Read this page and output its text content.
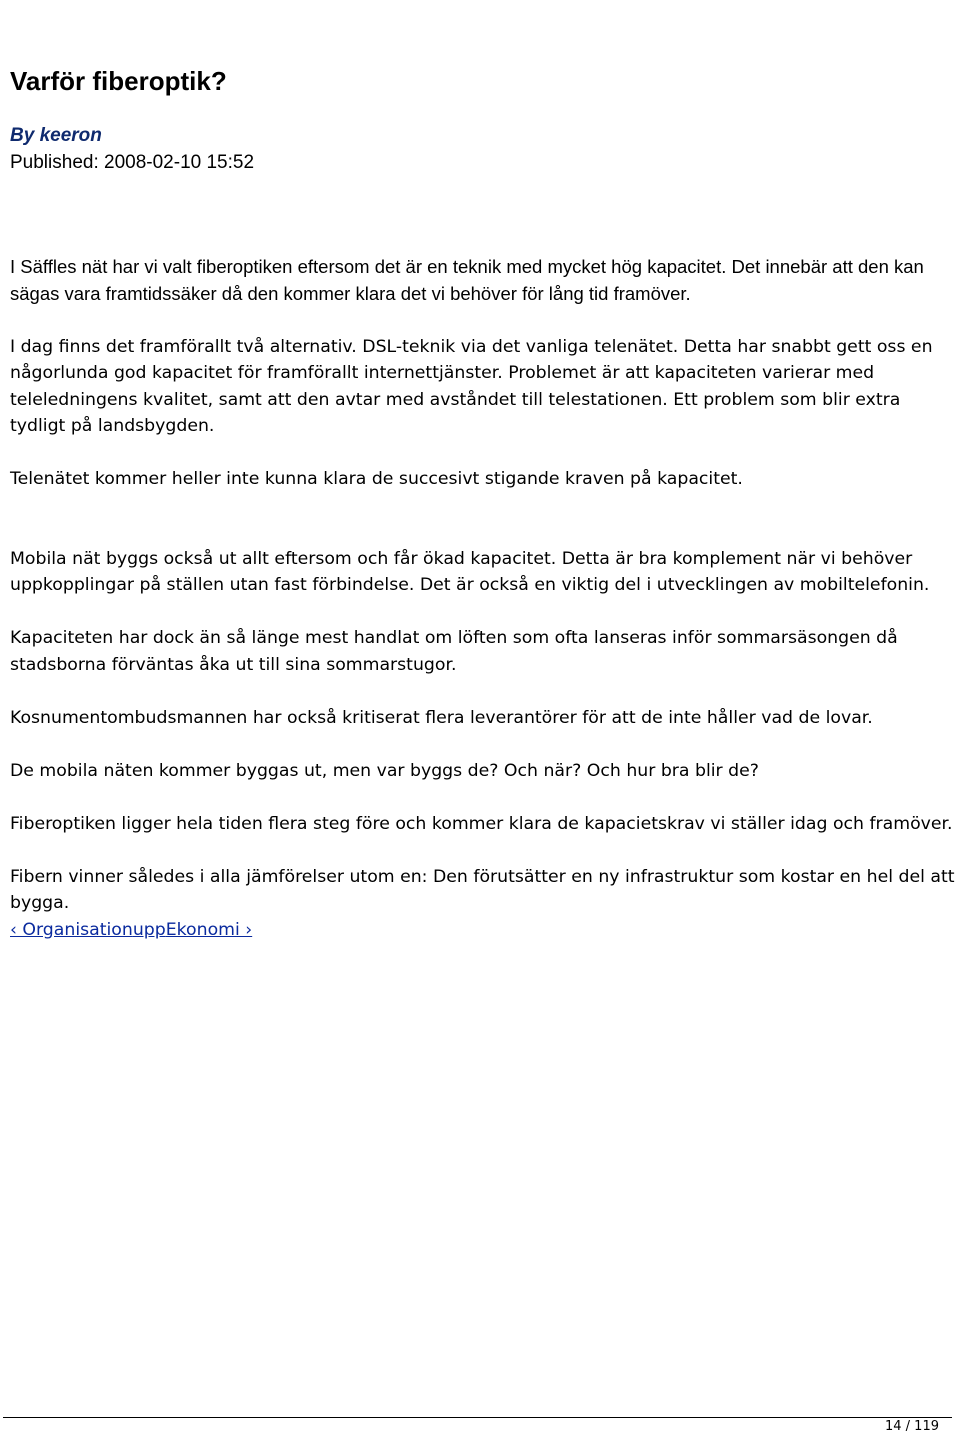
Varför fiberoptik?
By keeron
Published: 2008-02-10 15:52

I Säffles nät har vi valt fiberoptiken eftersom det är en teknik med mycket hög kapacitet. Det innebär att den kan sägas vara framtidssäker då den kommer klara det vi behöver för lång tid framöver.

I dag finns det framförallt två alternativ. DSL-teknik via det vanliga telenätet. Detta har snabbt gett oss en någorlunda god kapacitet för framförallt internettjänster. Problemet är att kapaciteten varierar med teleledningens kvalitet, samt att den avtar med avståndet till telestationen. Ett problem som blir extra tydligt på landsbygden.

Telenätet kommer heller inte kunna klara de succesivt stigande kraven på kapacitet.

Mobila nät byggs också ut allt eftersom och får ökad kapacitet. Detta är bra komplement när vi behöver uppkopplingar på ställen utan fast förbindelse. Det är också en viktig del i utvecklingen av mobiltelefonin.

Kapaciteten har dock än så länge mest handlat om löften som ofta lanseras inför sommarsäsongen då stadsborna förväntas åka ut till sina sommarstugor.

Kosnumentombudsmannen har också kritiserat flera leverantörer för att de inte håller vad de lovar.

De mobila näten kommer byggas ut, men var byggs de? Och när? Och hur bra blir de?

Fiberoptiken ligger hela tiden flera steg före och kommer klara de kapacietskrav vi ställer idag och framöver.

Fibern vinner således i alla jämförelser utom en: Den förutsätter en ny infrastruktur som kostar en hel del att bygga.

‹ OrganisationuppEkonomi ›
14 / 119
